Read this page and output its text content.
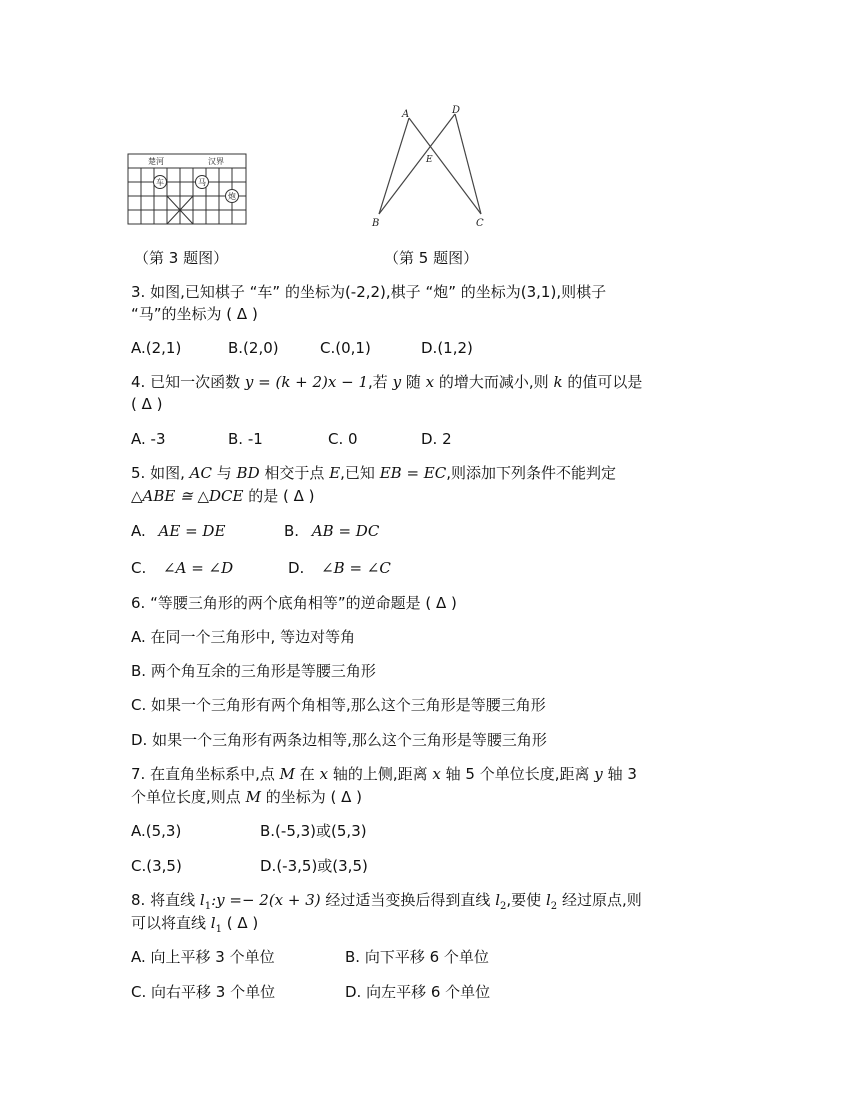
楚河	汉界
车	马
炮
A	D
E
B	C
（第 3 题图）	（第 5 题图）
3. 如图,已知棋子 “车” 的坐标为(-2,2),棋子 “炮” 的坐标为(3,1),则棋子
“马”的坐标为 ( Δ )
A.(2,1)	B.(2,0)	C.(0,1)	D.(1,2)
4. 已知一次函数 y = (k + 2)x − 1,若 y 随 x 的增大而减小,则 k 的值可以是
( Δ )
A. -3	B. -1	C. 0	D. 2
5. 如图, AC 与 BD 相交于点 E,已知 EB = EC,则添加下列条件不能判定
△ABE ≅ △DCE 的是 ( Δ )
A. AE = DE	B. AB = DC
C. ∠A = ∠D	D. ∠B = ∠C
6. “等腰三角形的两个底角相等”的逆命题是 ( Δ )
A. 在同一个三角形中, 等边对等角
B. 两个角互余的三角形是等腰三角形
C. 如果一个三角形有两个角相等,那么这个三角形是等腰三角形
D. 如果一个三角形有两条边相等,那么这个三角形是等腰三角形
7. 在直角坐标系中,点 M 在 x 轴的上侧,距离 x 轴 5 个单位长度,距离 y 轴 3
个单位长度,则点 M 的坐标为 ( Δ )
A.(5,3)	B.(-5,3)或(5,3)
C.(3,5)	D.(-3,5)或(3,5)
8. 将直线 $l_1:y =- 2(x + 3)$ 经过适当变换后得到直线 $l_2$,要使 $l_2$ 经过原点,则
可以将直线 $l_1$ ( Δ )
A. 向上平移 3 个单位	B. 向下平移 6 个单位
C. 向右平移 3 个单位	D. 向左平移 6 个单位
